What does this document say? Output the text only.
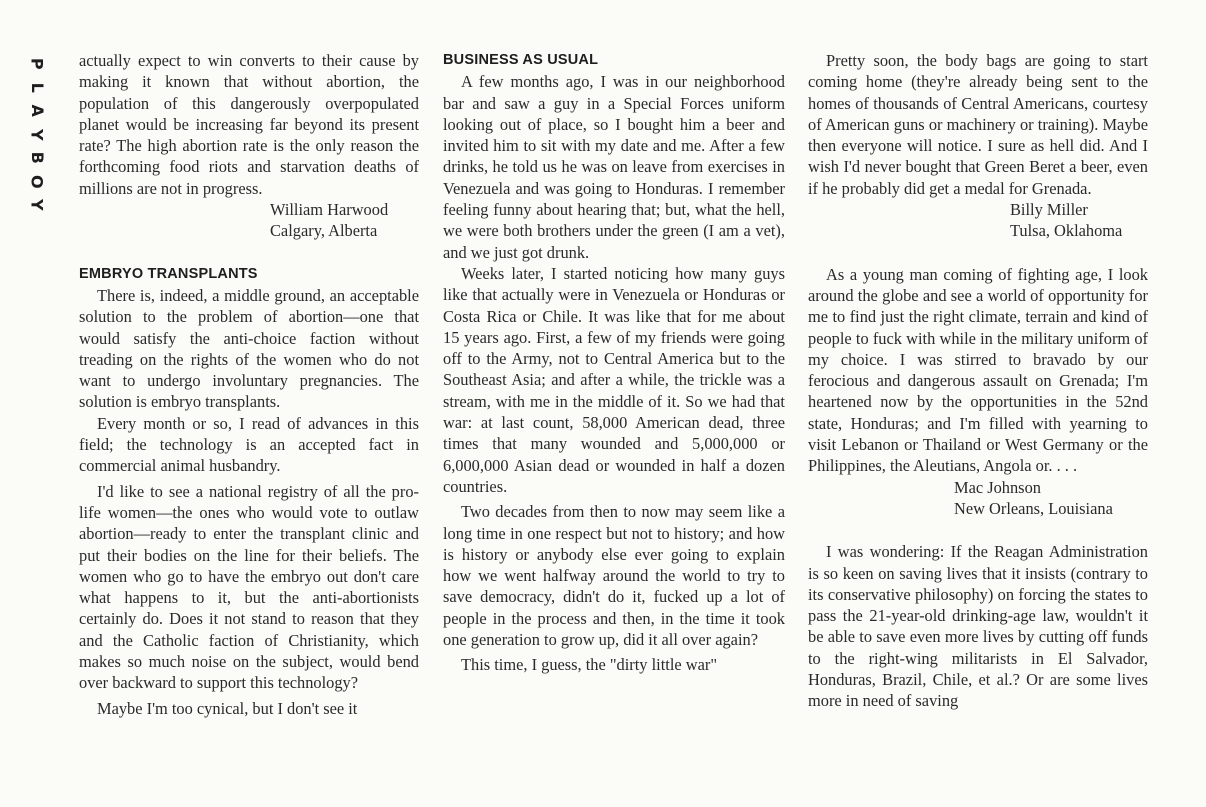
P
L
A
Y
B
O
Y

actually expect to win converts to their cause by making it known that without abortion, the population of this dangerously overpopulated planet would be increasing far beyond its present rate? The high abortion rate is the only reason the forthcoming food riots and starvation deaths of millions are not in progress.

William Harwood
Calgary, Alberta

EMBRYO TRANSPLANTS

There is, indeed, a middle ground, an acceptable solution to the problem of abortion—one that would satisfy the anti-choice faction without treading on the rights of the women who do not want to undergo involuntary pregnancies. The solution is embryo transplants.

Every month or so, I read of advances in this field; the technology is an accepted fact in commercial animal husbandry.

I'd like to see a national registry of all the pro-life women—the ones who would vote to outlaw abortion—ready to enter the transplant clinic and put their bodies on the line for their beliefs. The women who go to have the embryo out don't care what happens to it, but the anti-abortionists certainly do. Does it not stand to reason that they and the Catholic faction of Christianity, which makes so much noise on the subject, would bend over backward to support this technology?

Maybe I'm too cynical, but I don't see it

BUSINESS AS USUAL

A few months ago, I was in our neighborhood bar and saw a guy in a Special Forces uniform looking out of place, so I bought him a beer and invited him to sit with my date and me. After a few drinks, he told us he was on leave from exercises in Venezuela and was going to Honduras. I remember feeling funny about hearing that; but, what the hell, we were both brothers under the green (I am a vet), and we just got drunk.

Weeks later, I started noticing how many guys like that actually were in Venezuela or Honduras or Costa Rica or Chile. It was like that for me about 15 years ago. First, a few of my friends were going off to the Army, not to Central America but to the Southeast Asia; and after a while, the trickle was a stream, with me in the middle of it. So we had that war: at last count, 58,000 American dead, three times that many wounded and 5,000,000 or 6,000,000 Asian dead or wounded in half a dozen countries.

Two decades from then to now may seem like a long time in one respect but not to history; and how is history or anybody else ever going to explain how we went halfway around the world to try to save democracy, didn't do it, fucked up a lot of people in the process and then, in the time it took one generation to grow up, did it all over again?

This time, I guess, the "dirty little war"

Pretty soon, the body bags are going to start coming home (they're already being sent to the homes of thousands of Central Americans, courtesy of American guns or machinery or training). Maybe then everyone will notice. I sure as hell did. And I wish I'd never bought that Green Beret a beer, even if he probably did get a medal for Grenada.

Billy Miller
Tulsa, Oklahoma

As a young man coming of fighting age, I look around the globe and see a world of opportunity for me to find just the right climate, terrain and kind of people to fuck with while in the military uniform of my choice. I was stirred to bravado by our ferocious and dangerous assault on Grenada; I'm heartened now by the opportunities in the 52nd state, Honduras; and I'm filled with yearning to visit Lebanon or Thailand or West Germany or the Philippines, the Aleutians, Angola or. . . .

Mac Johnson
New Orleans, Louisiana

I was wondering: If the Reagan Administration is so keen on saving lives that it insists (contrary to its conservative philosophy) on forcing the states to pass the 21-year-old drinking-age law, wouldn't it be able to save even more lives by cutting off funds to the right-wing militarists in El Salvador, Honduras, Brazil, Chile, et al.? Or are some lives more in need of saving
